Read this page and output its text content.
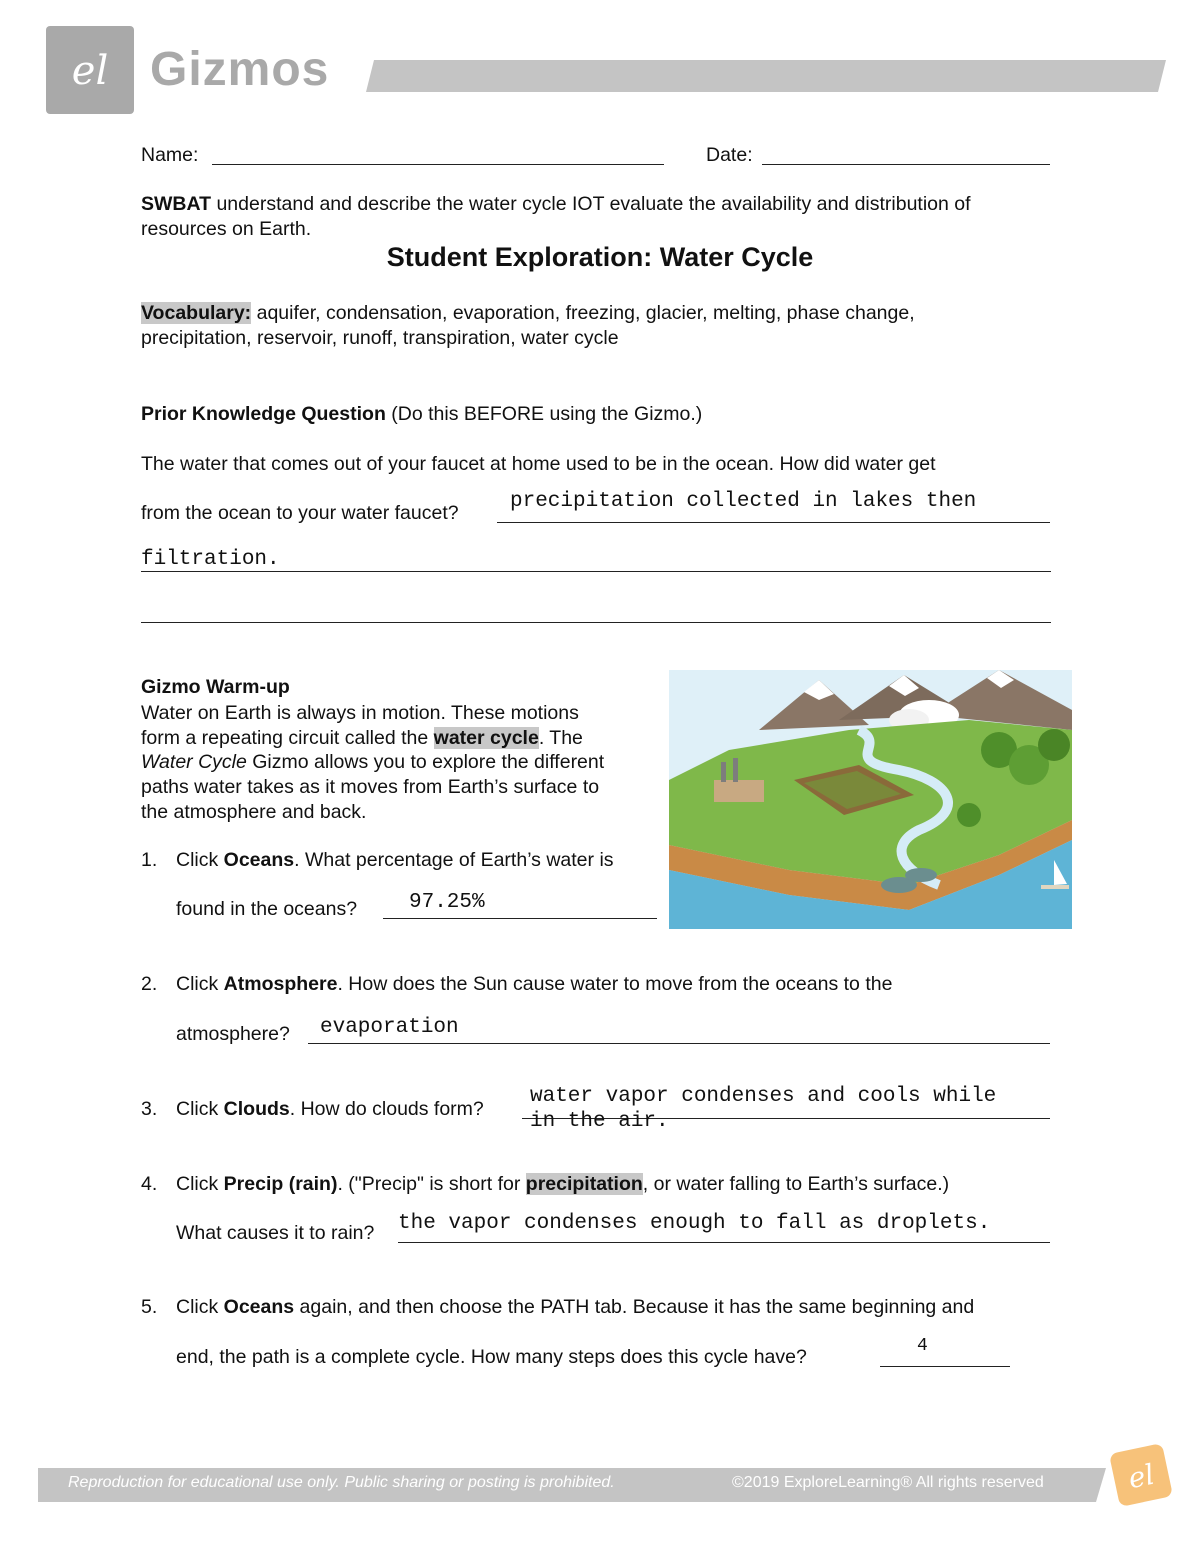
el Gizmos
Name:	Date:
SWBAT understand and describe the water cycle IOT evaluate the availability and distribution of
resources on Earth.
Student Exploration: Water Cycle
Vocabulary: aquifer, condensation, evaporation, freezing, glacier, melting, phase change,
precipitation, reservoir, runoff, transpiration, water cycle
Prior Knowledge Question (Do this BEFORE using the Gizmo.)
The water that comes out of your faucet at home used to be in the ocean. How did water get
from the ocean to your water faucet? precipitation collected in lakes then
filtration.
Gizmo Warm-up
Water on Earth is always in motion. These motions
form a repeating circuit called the water cycle. The
Water Cycle Gizmo allows you to explore the different
paths water takes as it moves from Earth’s surface to
the atmosphere and back.
1. Click Oceans. What percentage of Earth’s water is
found in the oceans? 97.25%
2. Click Atmosphere. How does the Sun cause water to move from the oceans to the
atmosphere? evaporation
3. Click Clouds. How do clouds form?
water vapor condenses and cools while
in the air.
4. Click Precip (rain). ("Precip" is short for precipitation, or water falling to Earth’s surface.)
What causes it to rain? the vapor condenses enough to fall as droplets.
5. Click Oceans again, and then choose the PATH tab. Because it has the same beginning and
end, the path is a complete cycle. How many steps does this cycle have?	4
Reproduction for educational use only. Public sharing or posting is prohibited.	©2019 ExploreLearning® All rights reserved	el
